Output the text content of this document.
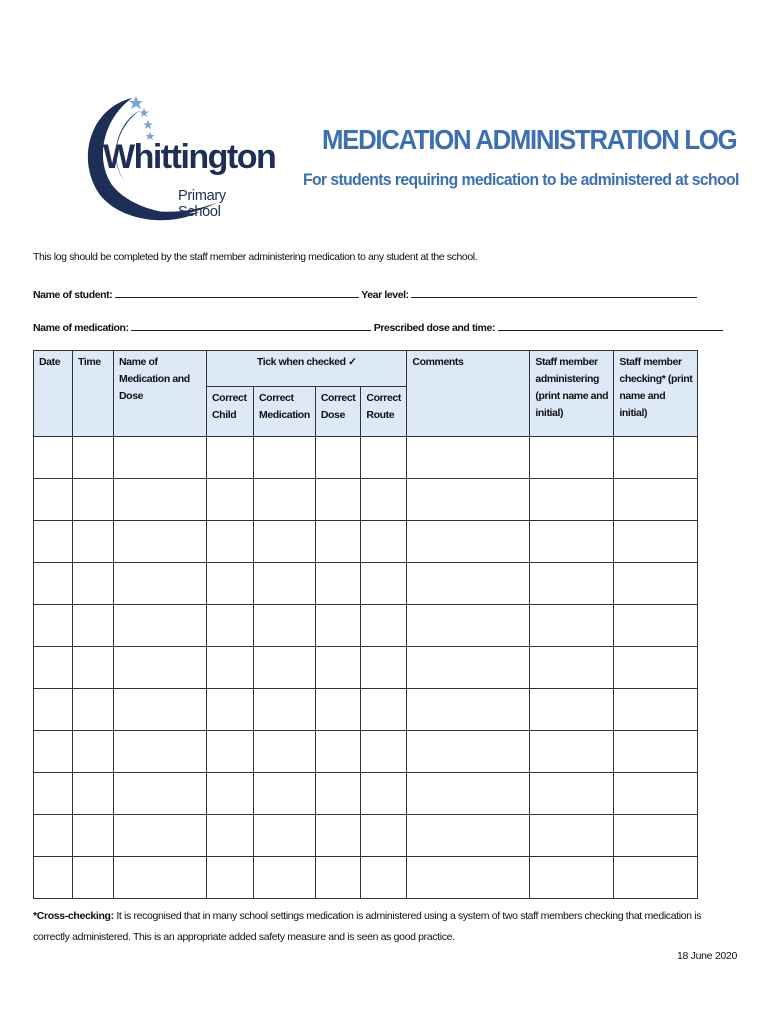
Whittington
Primary School
MEDICATION ADMINISTRATION LOG
For students requiring medication to be administered at school
This log should be completed by the staff member administering medication to any student at the school.
Name of student:	Year level:
Name of medication:	Prescribed dose and time:
Date	Time	Name of Medication and Dose	Tick when checked ✓				Comments	Staff member administering (print name and initial)	Staff member checking* (print name and initial)
			Correct Child	Correct Medication	Correct Dose	Correct Route			

*Cross-checking: It is recognised that in many school settings medication is administered using a system of two staff members checking that medication is correctly administered. This is an appropriate added safety measure and is seen as good practice.
18 June 2020
